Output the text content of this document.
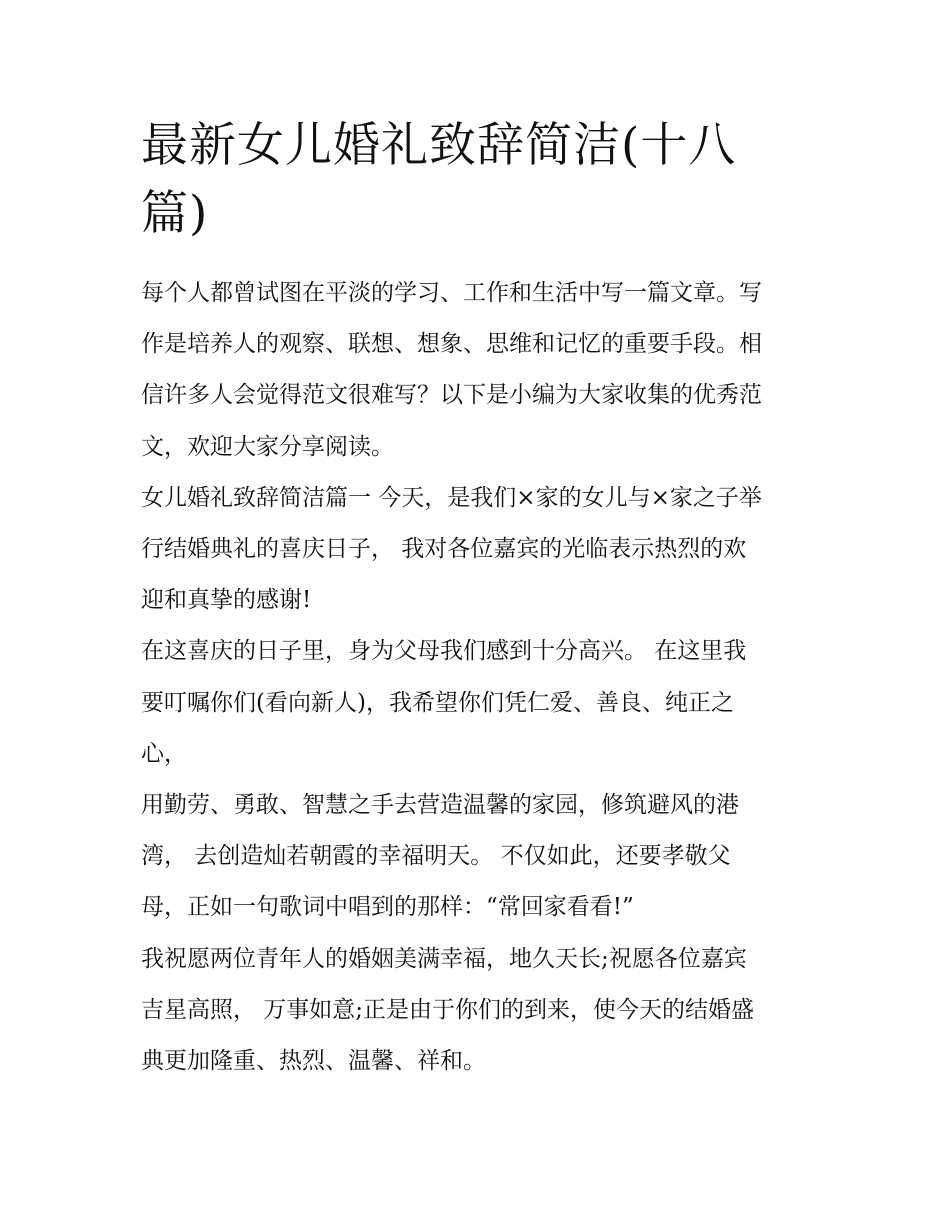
最新女儿婚礼致辞简洁(十八
篇)
每个人都曾试图在平淡的学习、工作和生活中写一篇文章。写
作是培养人的观察、联想、想象、思维和记忆的重要手段。相
信许多人会觉得范文很难写？以下是小编为大家收集的优秀范
文，欢迎大家分享阅读。
女儿婚礼致辞简洁篇一 今天，是我们×家的女儿与×家之子举
行结婚典礼的喜庆日子， 我对各位嘉宾的光临表示热烈的欢
迎和真挚的感谢!
在这喜庆的日子里，身为父母我们感到十分高兴。 在这里我
要叮嘱你们(看向新人)，我希望你们凭仁爱、善良、纯正之
心，
用勤劳、勇敢、智慧之手去营造温馨的家园，修筑避风的港
湾， 去创造灿若朝霞的幸福明天。 不仅如此，还要孝敬父
母，正如一句歌词中唱到的那样：“常回家看看!”
我祝愿两位青年人的婚姻美满幸福，地久天长;祝愿各位嘉宾
吉星高照， 万事如意;正是由于你们的到来，使今天的结婚盛
典更加隆重、热烈、温馨、祥和。
